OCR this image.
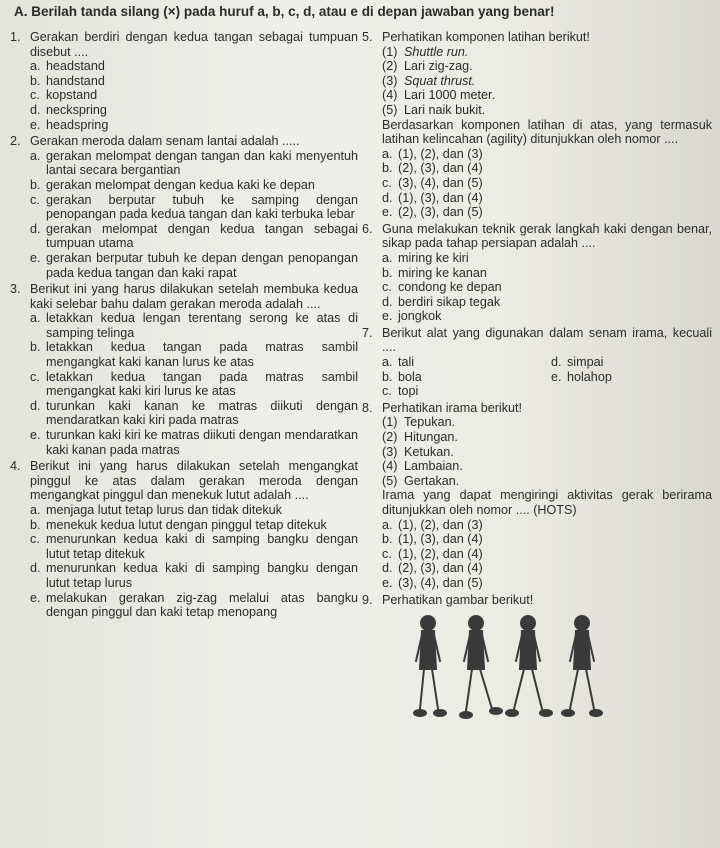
A. Berilah tanda silang (×) pada huruf a, b, c, d, atau e di depan jawaban yang benar!
1. Gerakan berdiri dengan kedua tangan sebagai tumpuan disebut ....
a. headstand
b. handstand
c. kopstand
d. neckspring
e. headspring
2. Gerakan meroda dalam senam lantai adalah .....
a. gerakan melompat dengan tangan dan kaki menyentuh lantai secara bergantian
b. gerakan melompat dengan kedua kaki ke depan
c. gerakan berputar tubuh ke samping dengan penopangan pada kedua tangan dan kaki terbuka lebar
d. gerakan melompat dengan kedua tangan sebagai tumpuan utama
e. gerakan berputar tubuh ke depan dengan penopangan pada kedua tangan dan kaki rapat
3. Berikut ini yang harus dilakukan setelah membuka kedua kaki selebar bahu dalam gerakan meroda adalah ....
a. letakkan kedua lengan terentang serong ke atas di samping telinga
b. letakkan kedua tangan pada matras sambil mengangkat kaki kanan lurus ke atas
c. letakkan kedua tangan pada matras sambil mengangkat kaki kiri lurus ke atas
d. turunkan kaki kanan ke matras diikuti dengan mendaratkan kaki kiri pada matras
e. turunkan kaki kiri ke matras diikuti dengan mendaratkan kaki kanan pada matras
4. Berikut ini yang harus dilakukan setelah mengangkat pinggul ke atas dalam gerakan meroda dengan mengangkat pinggul dan menekuk lutut adalah ....
a. menjaga lutut tetap lurus dan tidak ditekuk
b. menekuk kedua lutut dengan pinggul tetap ditekuk
c. menurunkan kedua kaki di samping bangku dengan lutut tetap ditekuk
d. menurunkan kedua kaki di samping bangku dengan lutut tetap lurus
e. melakukan gerakan zig-zag melalui atas bangku dengan pinggul dan kaki tetap menopang
5. Perhatikan komponen latihan berikut!
(1) Shuttle run.
(2) Lari zig-zag.
(3) Squat thrust.
(4) Lari 1000 meter.
(5) Lari naik bukit.
Berdasarkan komponen latihan di atas, yang termasuk latihan kelincahan (agility) ditunjukkan oleh nomor ....
a. (1), (2), dan (3)
b. (2), (3), dan (4)
c. (3), (4), dan (5)
d. (1), (3), dan (4)
e. (2), (3), dan (5)
6. Guna melakukan teknik gerak langkah kaki dengan benar, sikap pada tahap persiapan adalah ....
a. miring ke kiri
b. miring ke kanan
c. condong ke depan
d. berdiri sikap tegak
e. jongkok
7. Berikut alat yang digunakan dalam senam irama, kecuali ....
a. tali	d. simpai
b. bola	e. holahop
c. topi
8. Perhatikan irama berikut!
(1) Tepukan.
(2) Hitungan.
(3) Ketukan.
(4) Lambaian.
(5) Gertakan.
Irama yang dapat mengiringi aktivitas gerak berirama ditunjukkan oleh nomor .... (HOTS)
a. (1), (2), dan (3)
b. (1), (3), dan (4)
c. (1), (2), dan (4)
d. (2), (3), dan (4)
e. (3), (4), dan (5)
9. Perhatikan gambar berikut!
